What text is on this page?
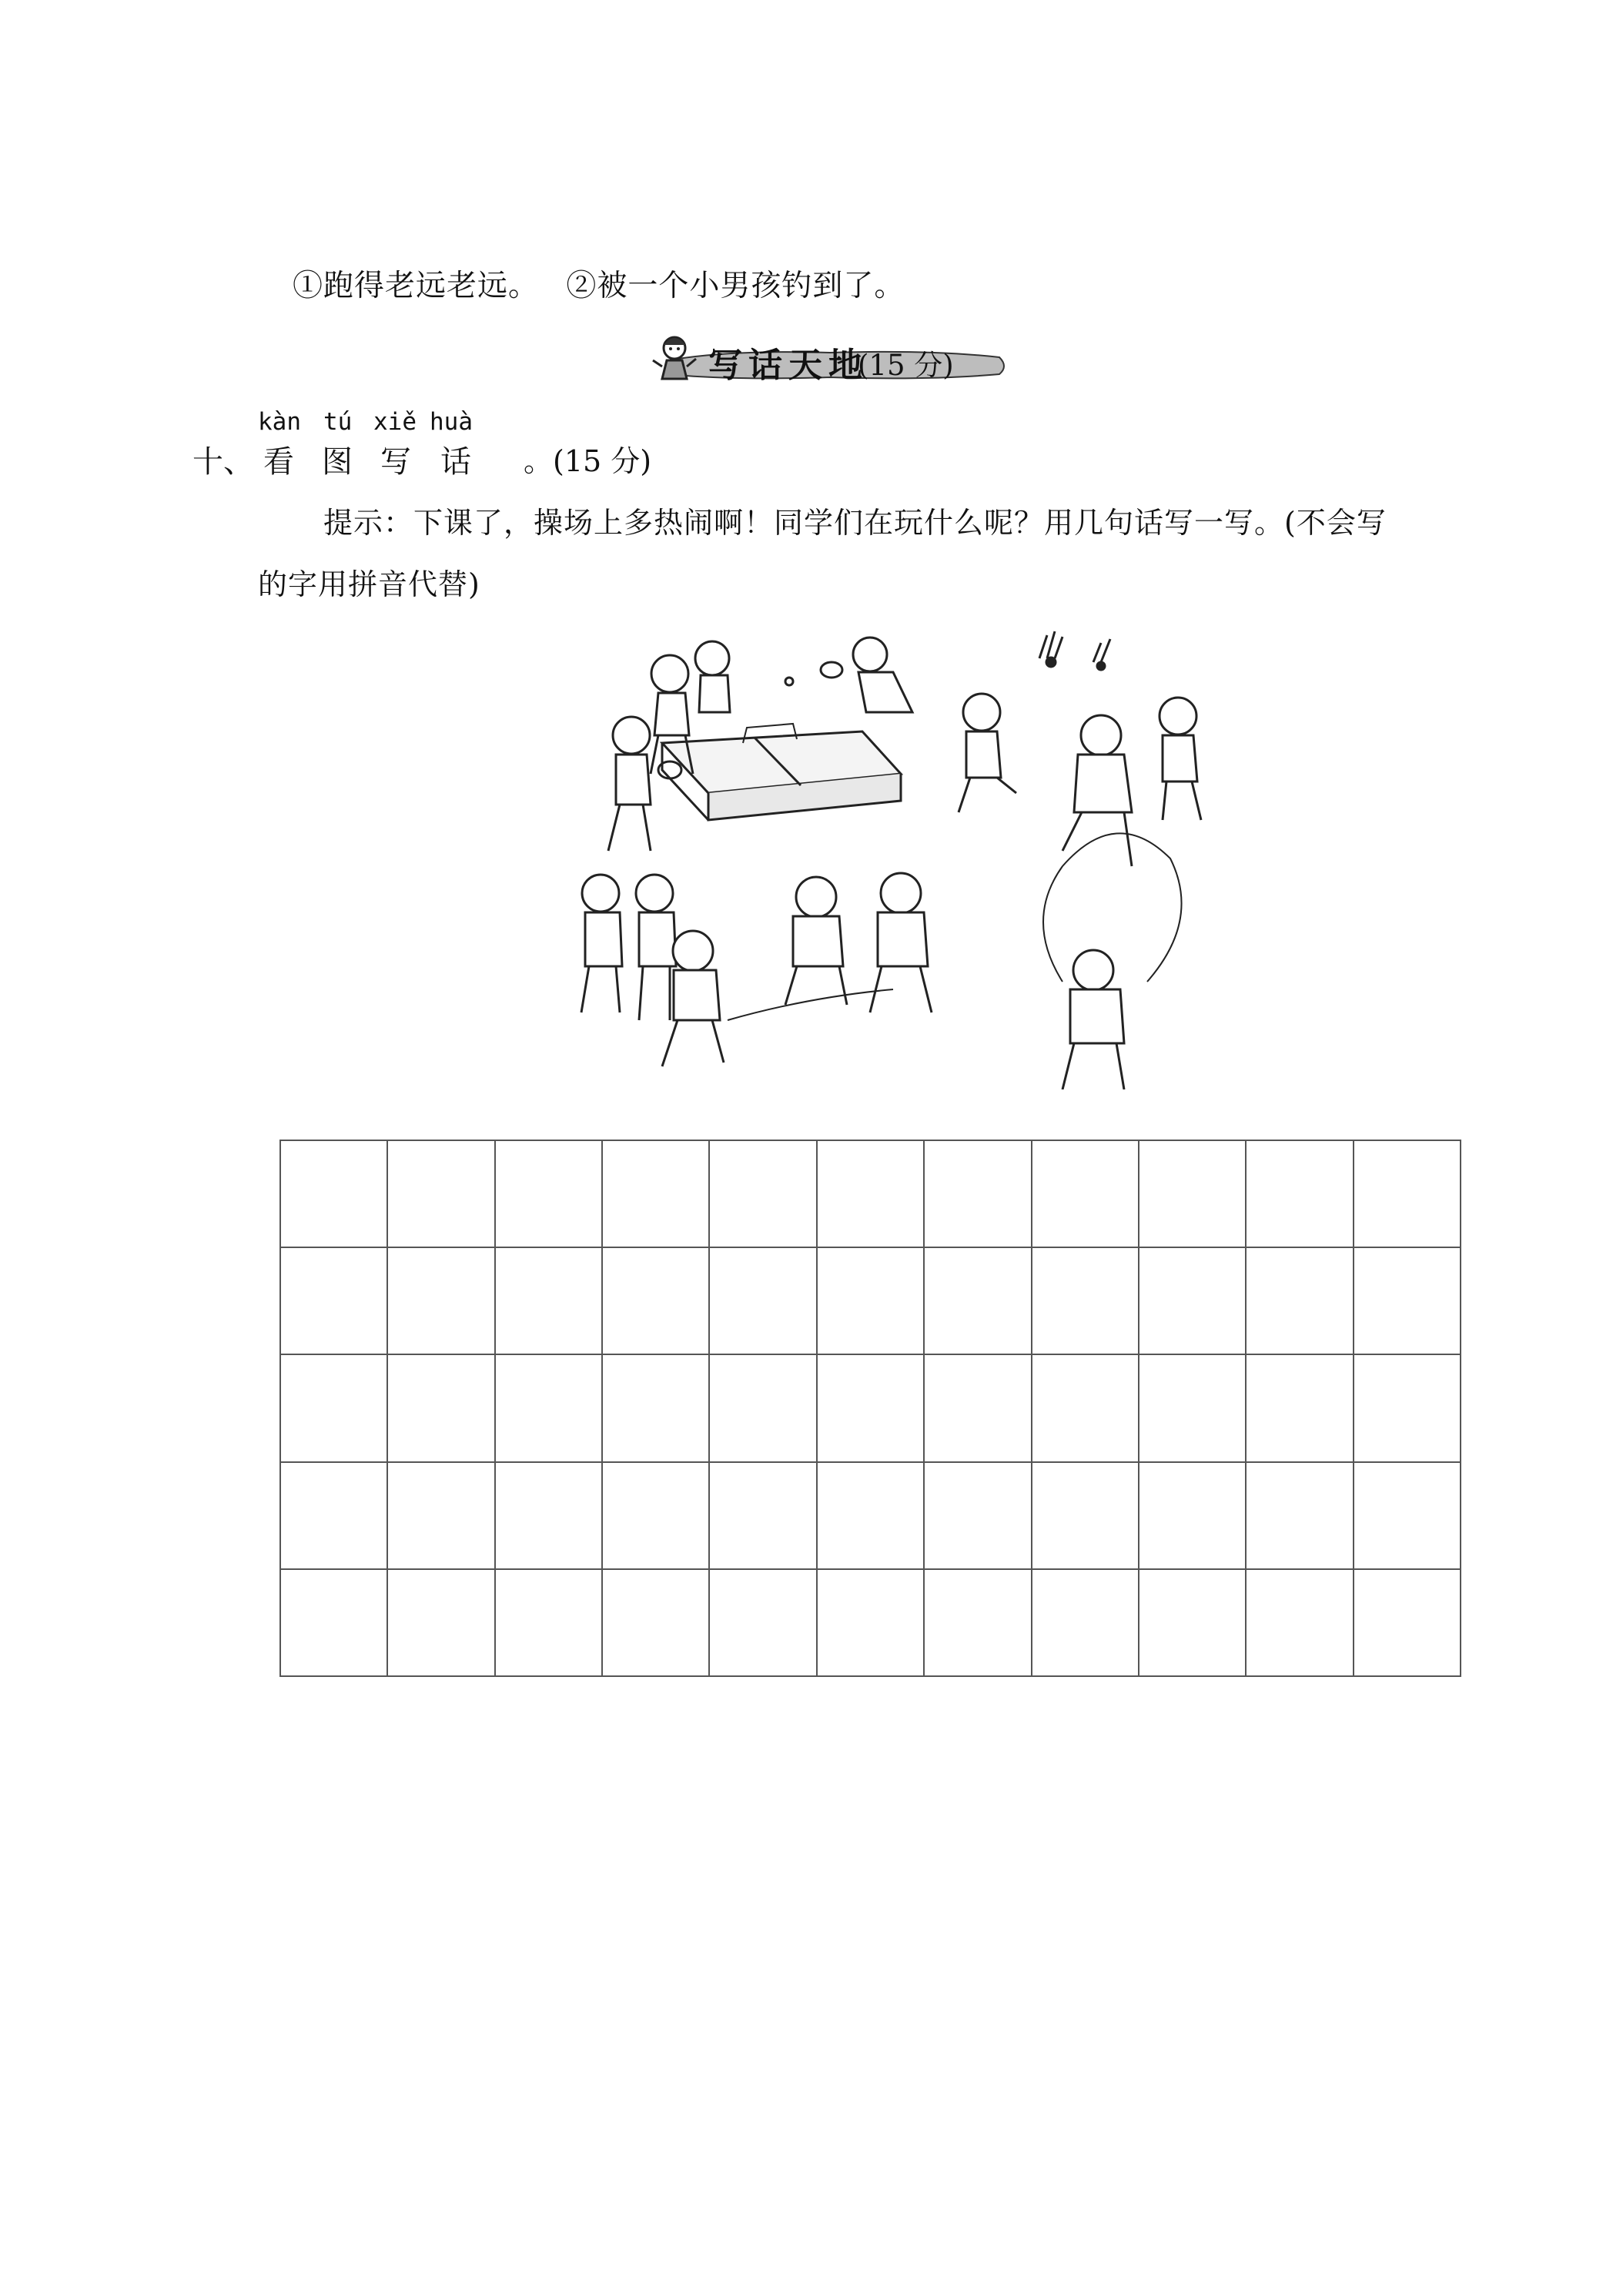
①跑得老远老远。 ②被一个小男孩钓到了。
写话天地
(15 分)
kàn tú xiě huà
十、 看 图 写 话 。(15 分)
提示：下课了，操场上多热闹啊！同学们在玩什么呢？用几句话写一写。(不会写
的字用拼音代替)
